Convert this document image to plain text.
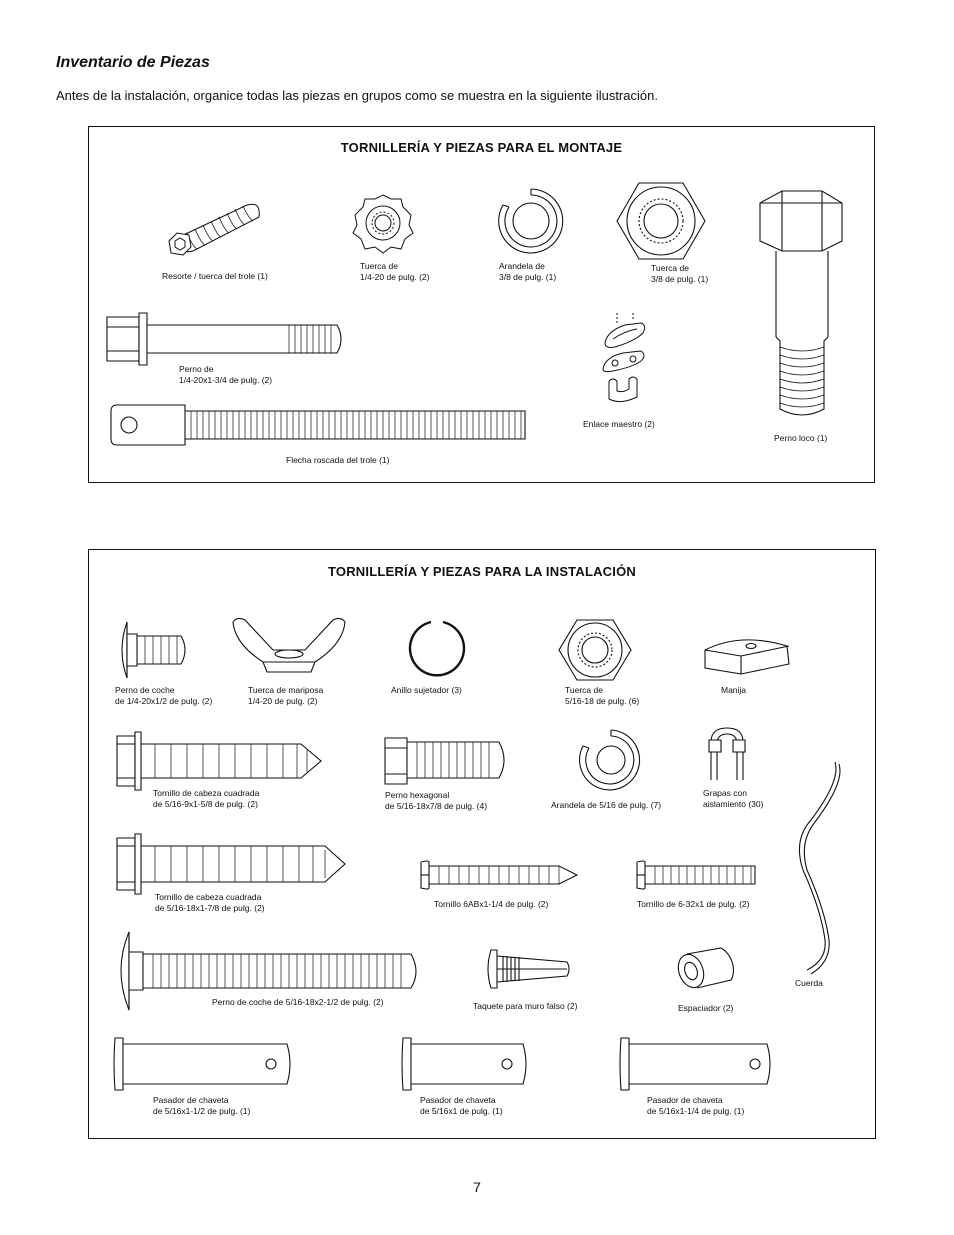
Inventario de Piezas
Antes de la instalación, organice todas las piezas en grupos como se muestra en la siguiente ilustración.
TORNILLERÍA Y PIEZAS PARA EL MONTAJE
Resorte / tuerca del trole (1)
Tuerca de
1/4-20 de pulg. (2)
Arandela de
3/8 de pulg. (1)
Tuerca de
3/8 de pulg. (1)
Perno loco (1)
Perno de
1/4-20x1-3/4 de pulg. (2)
Enlace maestro (2)
Flecha roscada del trole (1)
TORNILLERÍA Y PIEZAS PARA LA INSTALACIÓN
Perno de coche
de 1/4-20x1/2 de pulg. (2)
Tuerca de mariposa
1/4-20 de pulg. (2)
Anillo sujetador (3)	Tuerca de
5/16-18 de pulg. (6)
Manija
Tornillo de cabeza cuadrada
de 5/16-9x1-5/8 de pulg. (2)
Perno hexagonal
de 5/16-18x7/8 de pulg. (4)	Arandela de 5/16 de pulg. (7)
Grapas con
aislamiento (30)
Cuerda
Tornillo de cabeza cuadrada
de 5/16-18x1-7/8 de pulg. (2)	Tornillo 6ABx1-1/4 de pulg. (2)	Tornillo de 6-32x1 de pulg. (2)
Perno de coche de 5/16-18x2-1/2 de pulg. (2)	Taquete para muro falso (2)	Espaciador (2)
Pasador de chaveta
de 5/16x1-1/2 de pulg. (1)
Pasador de chaveta
de 5/16x1 de pulg. (1)
Pasador de chaveta
de 5/16x1-1/4 de pulg. (1)
7
